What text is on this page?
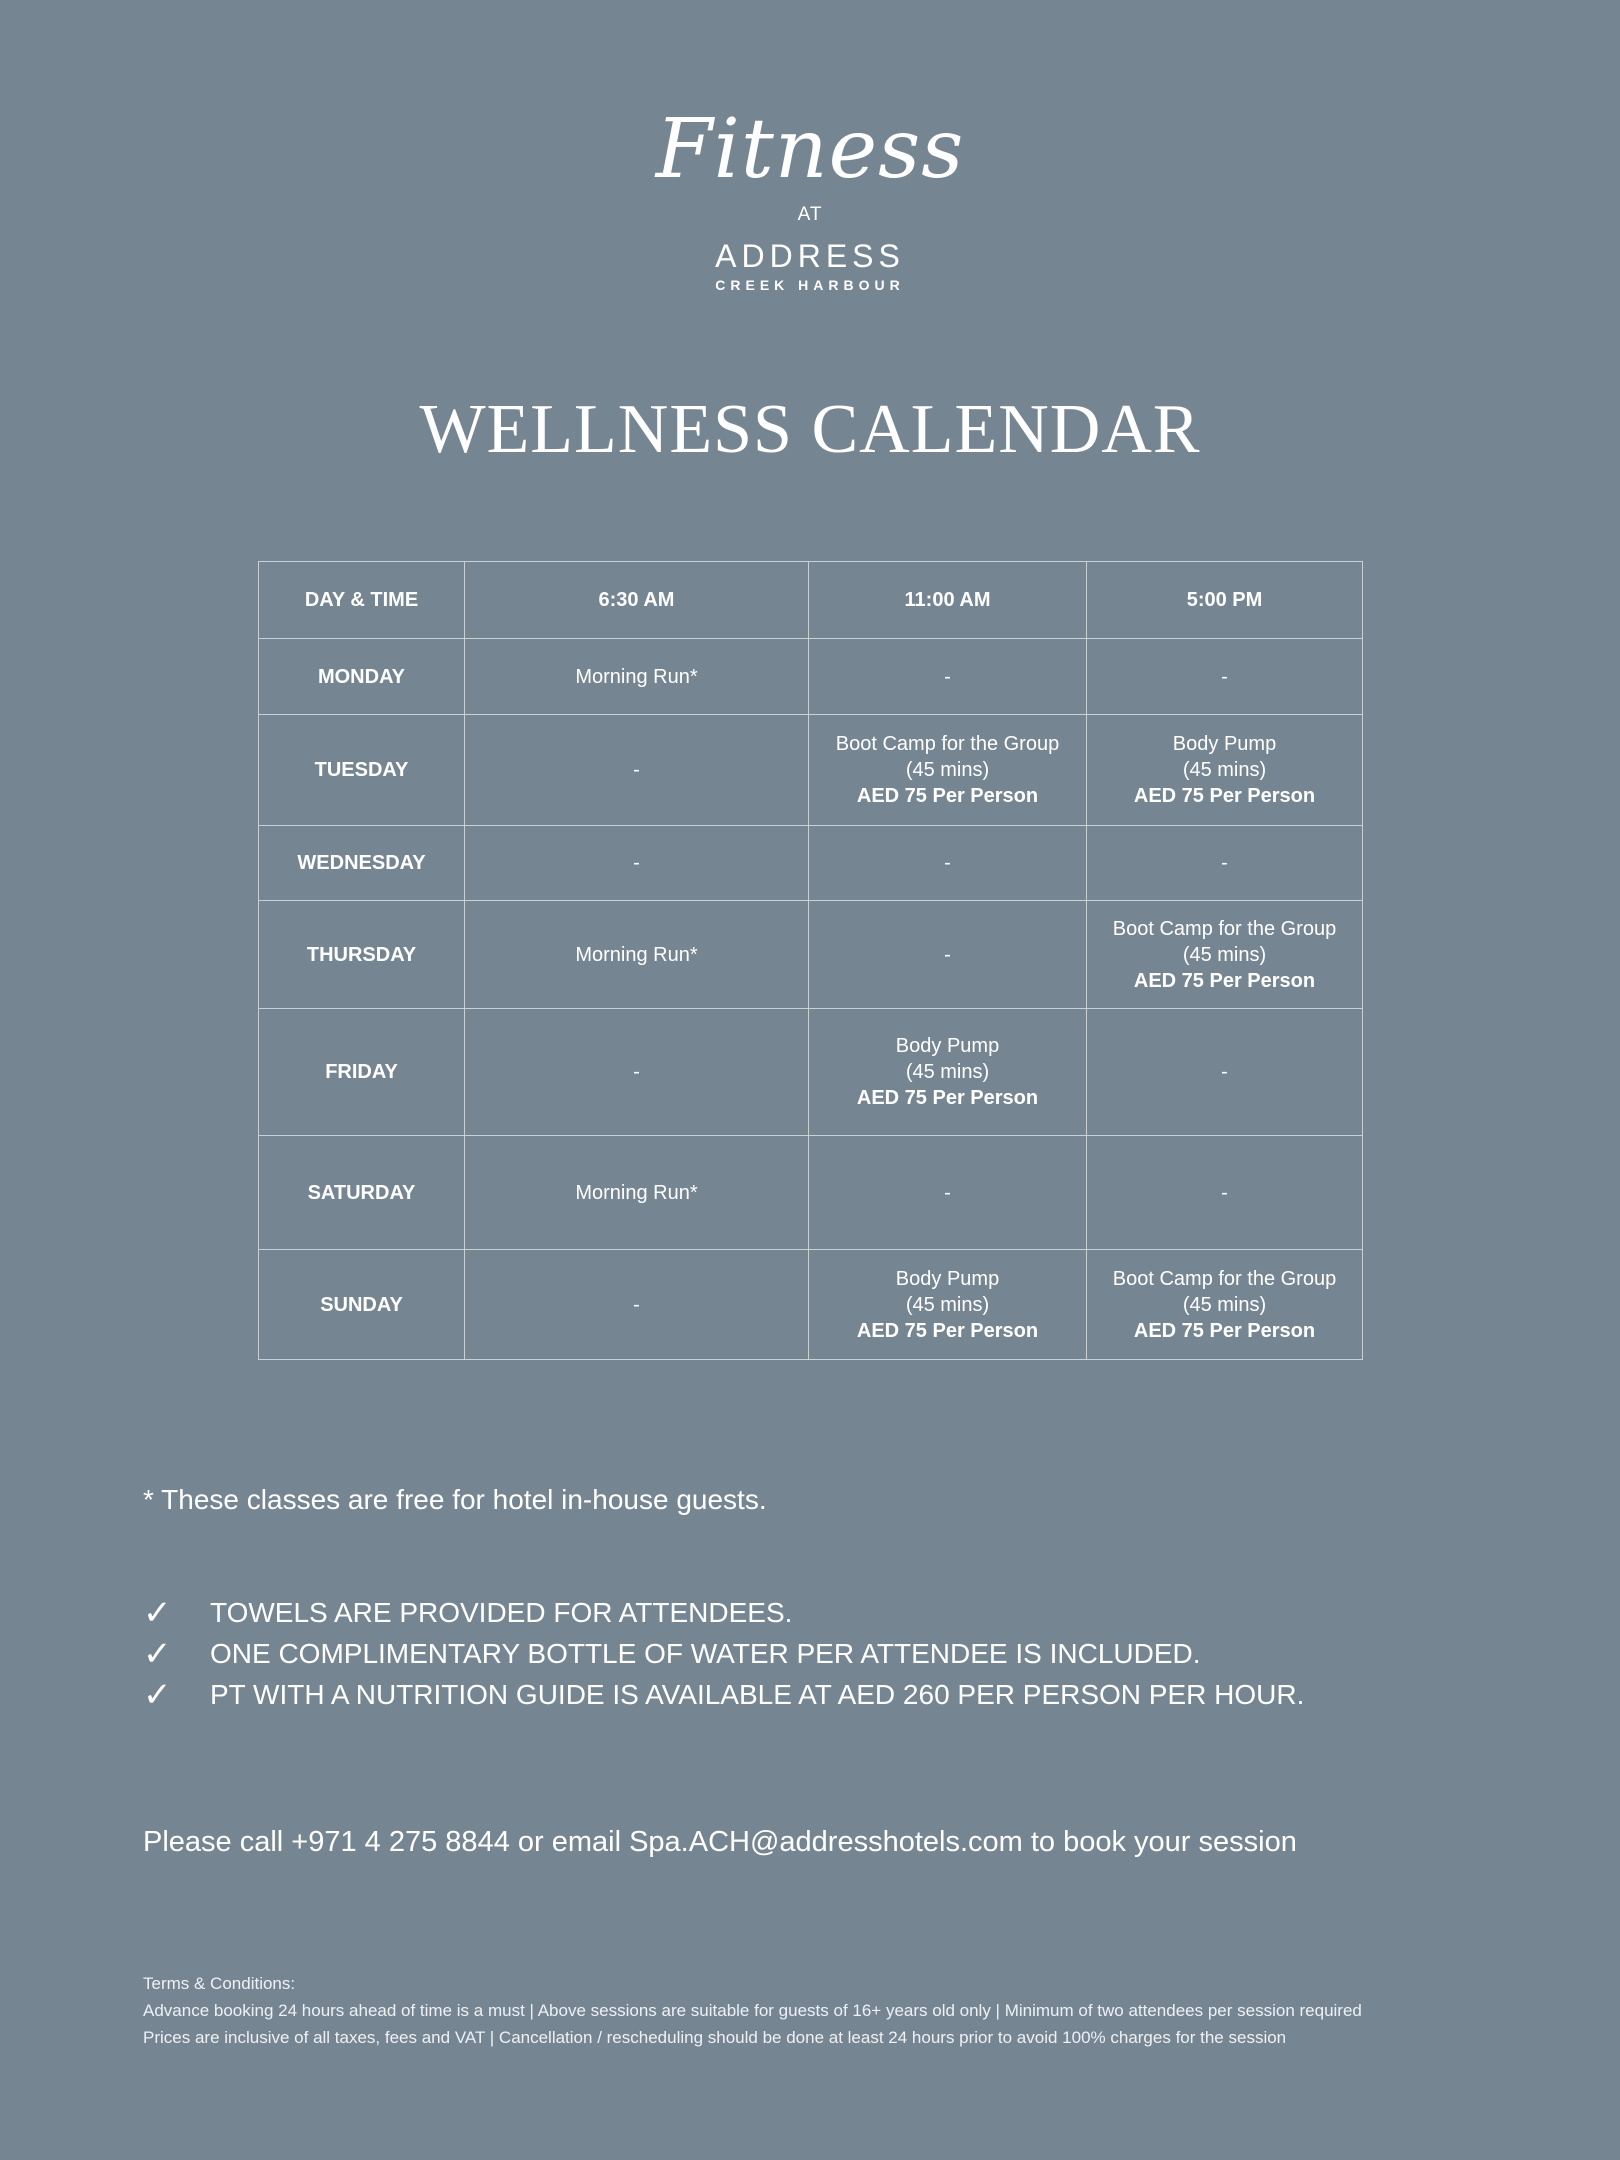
Fitness
AT
ADDRESS
CREEK HARBOUR
WELLNESS CALENDAR
DAY & TIME	6:30 AM	11:00 AM	5:00 PM
MONDAY	Morning Run*	-	-

TUESDAY	-	Boot Camp for the Group
(45 mins)
AED 75 Per Person	Body Pump
(45 mins)
AED 75 Per Person

WEDNESDAY	-	-	-

THURSDAY	Morning Run*	-	Boot Camp for the Group
(45 mins)
AED 75 Per Person

FRIDAY	-	Body Pump
(45 mins)
AED 75 Per Person	-

SATURDAY	Morning Run*	-	-

SUNDAY	-	Body Pump
(45 mins)
AED 75 Per Person	Boot Camp for the Group
(45 mins)
AED 75 Per Person
* These classes are free for hotel in-house guests.
✓	TOWELS ARE PROVIDED FOR ATTENDEES.
✓	ONE COMPLIMENTARY BOTTLE OF WATER PER ATTENDEE IS INCLUDED.
✓	PT WITH A NUTRITION GUIDE IS AVAILABLE AT AED 260 PER PERSON PER HOUR.
Please call +971 4 275 8844 or email Spa.ACH@addresshotels.com to book your session
Terms & Conditions:
Advance booking 24 hours ahead of time is a must | Above sessions are suitable for guests of 16+ years old only | Minimum of two attendees per session required
Prices are inclusive of all taxes, fees and VAT | Cancellation / rescheduling should be done at least 24 hours prior to avoid 100% charges for the session
